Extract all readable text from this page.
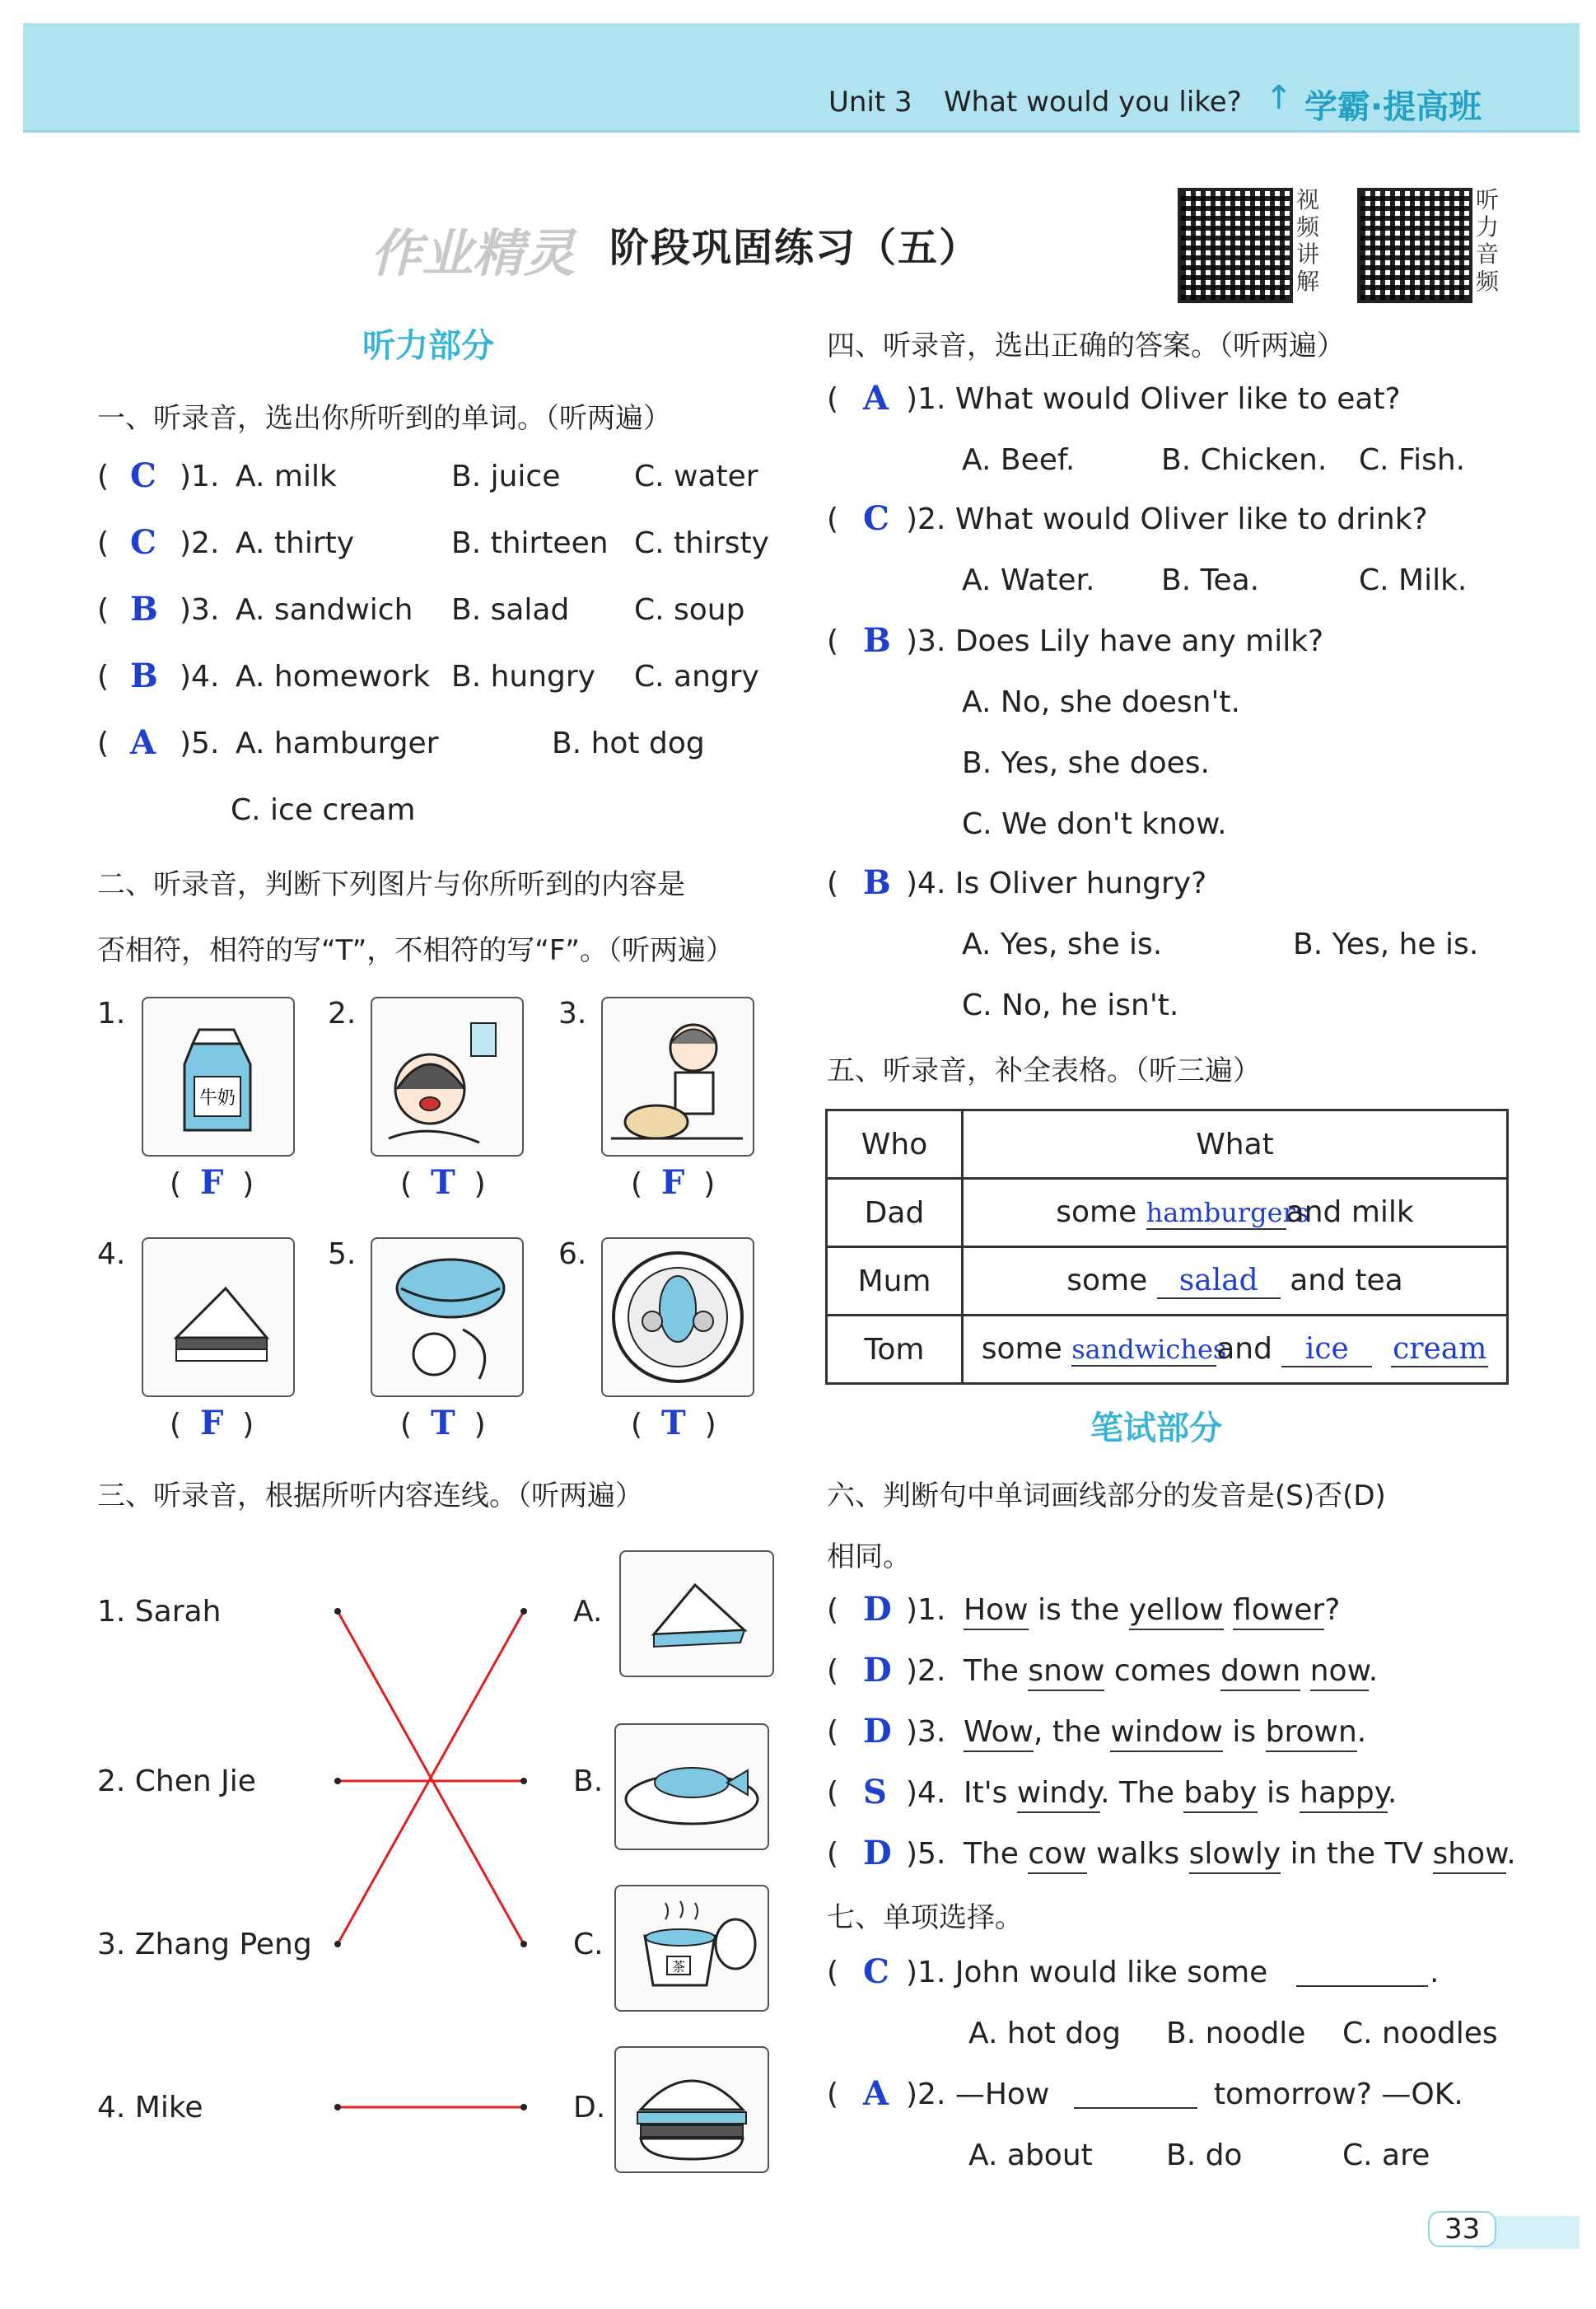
Unit 3 What would you like? ↑ 学霸·提高班
作业精灵 阶段巩固练习（五）
视
频
讲
解
听
力
音
频
听力部分
一、听录音，选出你所听到的单词。（听两遍）
( C )1. A. milk	B. juice C. water
( C )2. A. thirty	B. thirteen C. thirsty
( B )3. A. sandwich B. salad C. soup
( B )4. A. homework B. hungry C. angry
( A )5. A. hamburger	B. hot dog
C. ice cream
二、听录音，判断下列图片与你所听到的内容是
否相符，相符的写“T”，不相符的写“F”。（听两遍）
1.
牛奶
2.	3.
(  F  )	(  T  )	(  F  )
4.	5.	6.
(  F  )	(  T  )	(  T  )
三、听录音，根据所听内容连线。（听两遍）
1. Sarah
2. Chen Jie
3. Zhang Peng
4. Mike
A.
B.
C.
D.
茶
四、听录音，选出正确的答案。（听两遍）
( A )1. What would Oliver like to eat?
A. Beef.	B. Chicken. C. Fish.
( C )2. What would Oliver like to drink?
A. Water. B. Tea.	C. Milk.
( B )3. Does Lily have any milk?
A. No, she doesn't.
B. Yes, she does.
C. We don't know.
( B )4. Is Oliver hungry?
A. Yes, she is.	B. Yes, he is.
C. No, he isn't.
五、听录音，补全表格。（听三遍）
Who	What
Dad	some hamburgersand milk
Mum	some salad and tea
Tom	some sandwichesand ice cream
笔试部分
六、判断句中单词画线部分的发音是(S)否(D)
相同。
( D )1. How is the yellow flower?
( D )2. The snow comes down now.
( D )3. Wow, the window is brown.
( S )4. It's windy. The baby is happy.
( D )5. The cow walks slowly in the TV show.
七、单项选择。
( C )1. John would like some	.
A. hot dog B. noodle C. noodles
( A )2. —How	tomorrow? —OK.
A. about B. do	C. are
33
